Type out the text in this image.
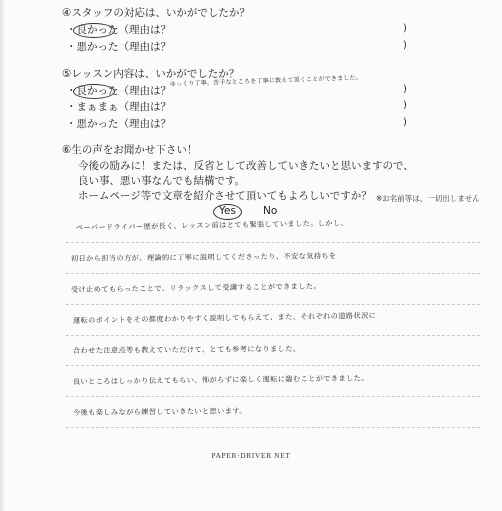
④スタッフの対応は、いかがでしたか？
・良かった（理由は？	)
・悪かった（理由は？	)
⑤レッスン内容は、いかがでしたか？
・良かった（理由は？
ゆっくり丁寧。苦手なところを丁寧に教えて頂くことができました。
)
・まぁまぁ（理由は？	)
・悪かった（理由は？	)
⑥生の声をお聞かせ下さい！
今後の励みに！または、反省として改善していきたいと思いますので、
良い事、悪い事なんでも結構です。
ホームページ等で文章を紹介させて頂いてもよろしいですか？ ※お名前等は、一切出しません
Yes	No
ペーパードライバー歴が長く、レッスン前はとても緊張していました。しかし、
初日から担当の方が、理論的に丁寧に説明してくださったり、不安な気持ちを
受け止めてもらったことで、リラックスして受講することができました。
運転のポイントをその都度わかりやすく説明してもらえて、また、それぞれの道路状況に
合わせた注意点等も教えていただけて、とても参考になりました。
良いところはしっかり伝えてもらい、怖がらずに楽しく運転に臨むことができました。
今後も楽しみながら練習していきたいと思います。
PAPER·DRIVER NET
